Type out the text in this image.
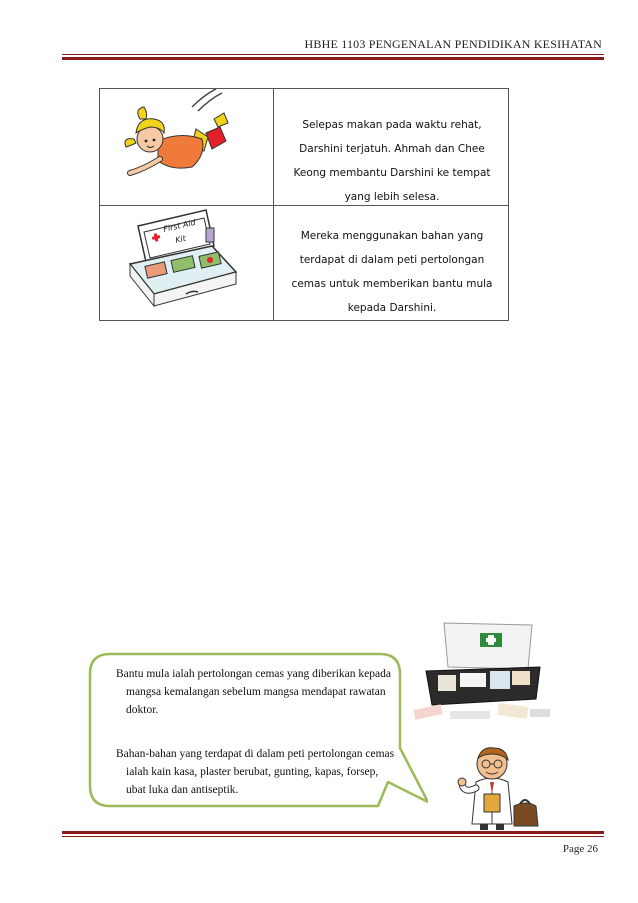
HBHE 1103 PENGENALAN PENDIDIKAN KESIHATAN
Selepas makan pada waktu rehat, Darshini terjatuh. Ahmah dan Chee Keong membantu Darshini ke tempat yang lebih selesa.
First Aid
Kit	Mereka menggunakan bahan yang terdapat di dalam peti pertolongan cemas untuk memberikan bantu mula kepada Darshini.

Bantu mula ialah pertolongan cemas yang diberikan kepada mangsa kemalangan sebelum mangsa mendapat rawatan doktor.

Bahan-bahan yang terdapat di dalam peti pertolongan cemas ialah kain kasa, plaster berubat, gunting, kapas, forsep, ubat luka dan antiseptik.

Page 26
